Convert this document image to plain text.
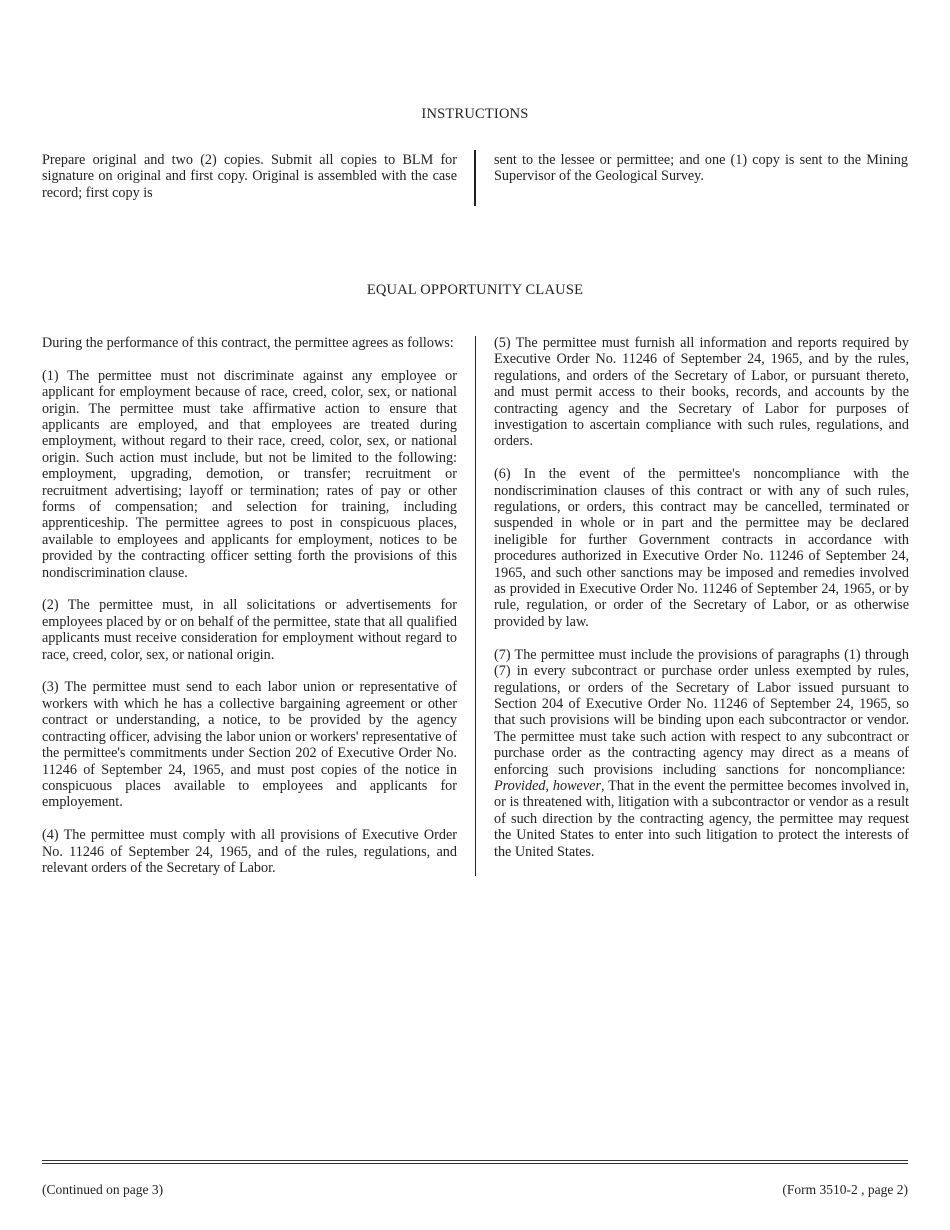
INSTRUCTIONS

Prepare original and two (2) copies. Submit all copies to BLM for signature on original and first copy. Original is assembled with the case record; first copy is

sent to the lessee or permittee; and one (1) copy is sent to the Mining Supervisor of the Geological Survey.

EQUAL OPPORTUNITY CLAUSE

During the performance of this contract, the permittee agrees as follows:

(1) The permittee must not discriminate against any employee or applicant for employment because of race, creed, color, sex, or national origin. The permittee must take affirmative action to ensure that applicants are employed, and that employees are treated during employment, without regard to their race, creed, color, sex, or national origin. Such action must include, but not be limited to the following: employment, upgrading, demotion, or transfer; recruitment or recruitment advertising; layoff or termination; rates of pay or other forms of compensation; and selection for training, including apprenticeship. The permittee agrees to post in conspicuous places, available to employees and applicants for employment, notices to be provided by the contracting officer setting forth the provisions of this nondiscrimination clause.

(2) The permittee must, in all solicitations or advertisements for employees placed by or on behalf of the permittee, state that all qualified applicants must receive consideration for employment without regard to race, creed, color, sex, or national origin.

(3) The permittee must send to each labor union or representative of workers with which he has a collective bargaining agreement or other contract or understanding, a notice, to be provided by the agency contracting officer, advising the labor union or workers' representative of the permittee's commitments under Section 202 of Executive Order No. 11246 of September 24, 1965, and must post copies of the notice in conspicuous places available to employees and applicants for employement.

(4) The permittee must comply with all provisions of Executive Order No. 11246 of September 24, 1965, and of the rules, regulations, and relevant orders of the Secretary of Labor.

(5) The permittee must furnish all information and reports required by Executive Order No. 11246 of September 24, 1965, and by the rules, regulations, and orders of the Secretary of Labor, or pursuant thereto, and must permit access to their books, records, and accounts by the contracting agency and the Secretary of Labor for purposes of investigation to ascertain compliance with such rules, regulations, and orders.

(6) In the event of the permittee's noncompliance with the nondiscrimination clauses of this contract or with any of such rules, regulations, or orders, this contract may be cancelled, terminated or suspended in whole or in part and the permittee may be declared ineligible for further Government contracts in accordance with procedures authorized in Executive Order No. 11246 of September 24, 1965, and such other sanctions may be imposed and remedies involved as provided in Executive Order No. 11246 of September 24, 1965, or by rule, regulation, or order of the Secretary of Labor, or as otherwise provided by law.

(7) The permittee must include the provisions of paragraphs (1) through (7) in every subcontract or purchase order unless exempted by rules, regulations, or orders of the Secretary of Labor issued pursuant to Section 204 of Executive Order No. 11246 of September 24, 1965, so that such provisions will be binding upon each subcontractor or vendor. The permittee must take such action with respect to any subcontract or purchase order as the contracting agency may direct as a means of enforcing such provisions including sanctions for noncompliance:  Provided, however, That in the event the permittee becomes involved in, or is threatened with, litigation with a subcontractor or vendor as a result of such direction by the contracting agency, the permittee may request the United States to enter into such litigation to protect the interests of the United States.

(Continued on page 3)	(Form 3510-2 , page 2)
